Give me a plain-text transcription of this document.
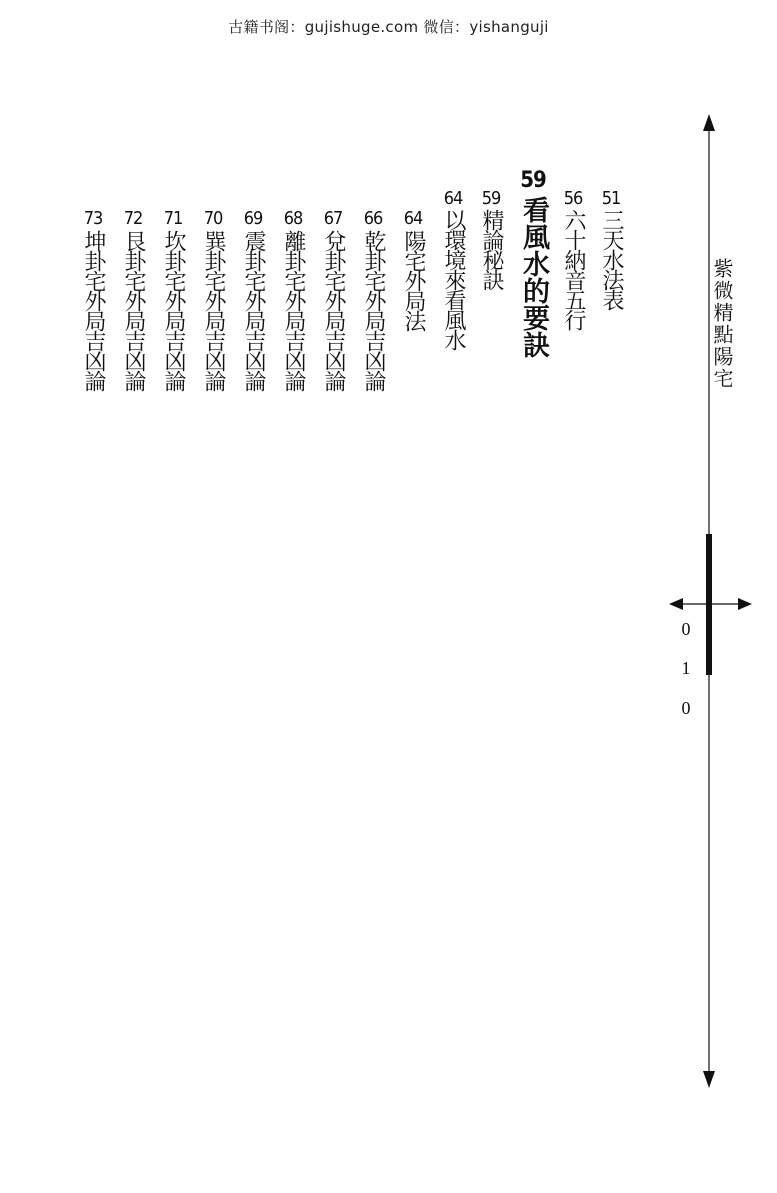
古籍书阁：gujishuge.com 微信：yishanguji
紫微精點陽宅
0
1
0
51
三天水法表
56
六十納音五行
59
看風水的要訣
59
精論秘訣
64
以環境來看風水
64
陽宅外局法
66
乾卦宅外局吉凶論
67
兌卦宅外局吉凶論
68
離卦宅外局吉凶論
69
震卦宅外局吉凶論
70
巽卦宅外局吉凶論
71
坎卦宅外局吉凶論
72
艮卦宅外局吉凶論
73
坤卦宅外局吉凶論
